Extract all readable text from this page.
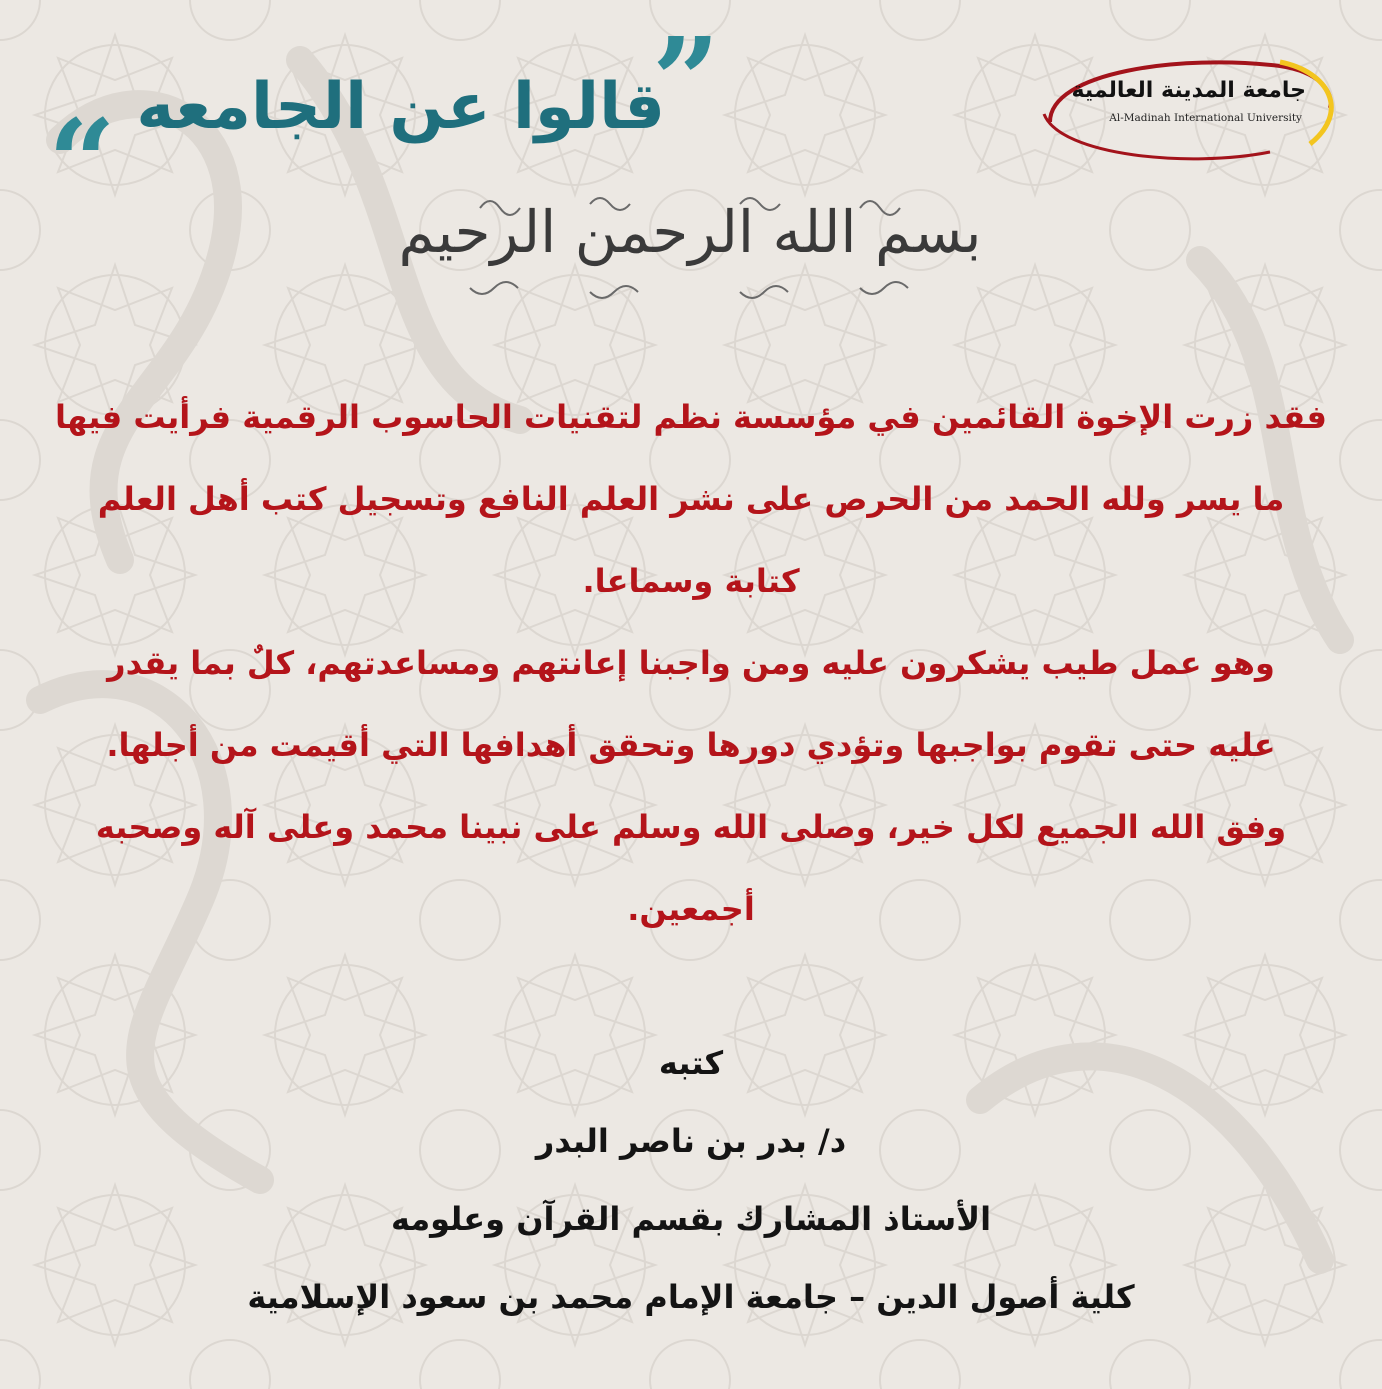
جامعة المدينة العالمية
Al-Madinah International University
”
قالوا عن الجامعه
“	بسم الله الرحمن الرحيم
فقد زرت الإخوة القائمين في مؤسسة نظم لتقنيات الحاسوب الرقمية فرأيت فيها
ما يسر ولله الحمد من الحرص على نشر العلم النافع وتسجيل كتب أهل العلم
كتابة وسماعا.
وهو عمل طيب يشكرون عليه ومن واجبنا إعانتهم ومساعدتهم، كلٌ بما يقدر
عليه حتى تقوم بواجبها وتؤدي دورها وتحقق أهدافها التي أقيمت من أجلها.
وفق الله الجميع لكل خير، وصلى الله وسلم على نبينا محمد وعلى آله وصحبه
أجمعين.
كتبه
د/ بدر بن ناصر البدر
الأستاذ المشارك بقسم القرآن وعلومه
كلية أصول الدين – جامعة الإمام محمد بن سعود الإسلامية
